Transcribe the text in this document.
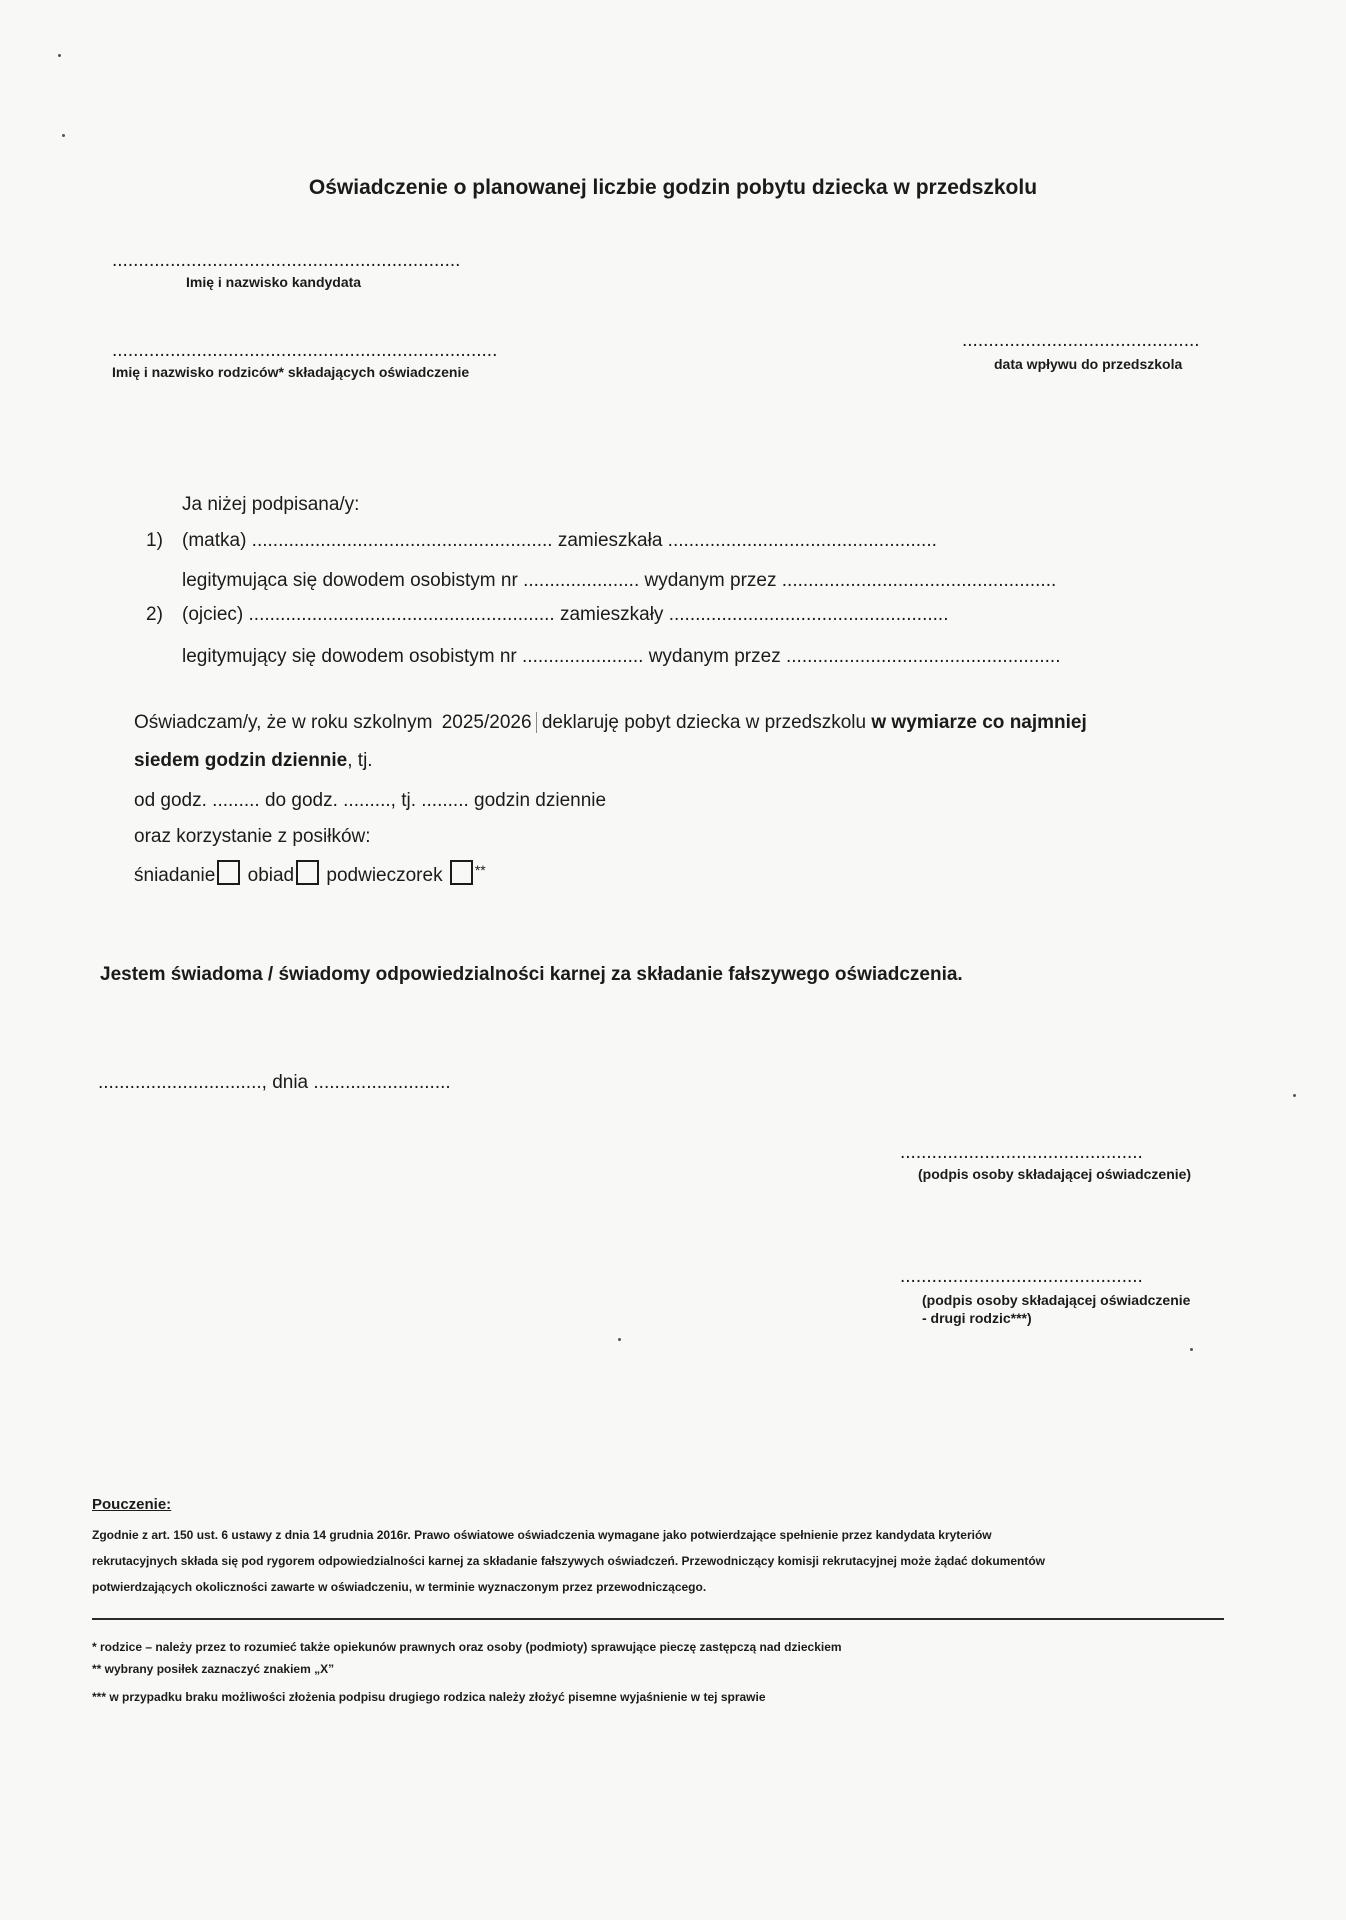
Oświadczenie o planowanej liczbie godzin pobytu dziecka w przedszkolu
..................................................................
Imię i nazwisko kandydata
.........................................................................
Imię i nazwisko rodziców* składających oświadczenie
.............................................
data wpływu do przedszkola
Ja niżej podpisana/y:
1) (matka) ......................................................... zamieszkała ...................................................
legitymująca się dowodem osobistym nr ...................... wydanym przez ....................................................
2) (ojciec) .......................................................... zamieszkały .....................................................
legitymujący się dowodem osobistym nr ....................... wydanym przez ....................................................
Oświadczam/y, że w roku szkolnym 2025/2026 deklaruję pobyt dziecka w przedszkolu w wymiarze co najmniej
siedem godzin dziennie, tj.
od godz. ......... do godz. ........., tj. ......... godzin dziennie
oraz korzystanie z posiłków:
śniadanie obiad podwieczorek **
Jestem świadoma / świadomy odpowiedzialności karnej za składanie fałszywego oświadczenia.
..............................., dnia ..........................
..............................................
(podpis osoby składającej oświadczenie)
..............................................
(podpis osoby składającej oświadczenie
- drugi rodzic***)
Pouczenie:
Zgodnie z art. 150 ust. 6 ustawy z dnia 14 grudnia 2016r. Prawo oświatowe oświadczenia wymagane jako potwierdzające spełnienie przez kandydata kryteriów
rekrutacyjnych składa się pod rygorem odpowiedzialności karnej za składanie fałszywych oświadczeń. Przewodniczący komisji rekrutacyjnej może żądać dokumentów
potwierdzających okoliczności zawarte w oświadczeniu, w terminie wyznaczonym przez przewodniczącego.
* rodzice – należy przez to rozumieć także opiekunów prawnych oraz osoby (podmioty) sprawujące pieczę zastępczą nad dzieckiem
** wybrany posiłek zaznaczyć znakiem „X”
*** w przypadku braku możliwości złożenia podpisu drugiego rodzica należy złożyć pisemne wyjaśnienie w tej sprawie
